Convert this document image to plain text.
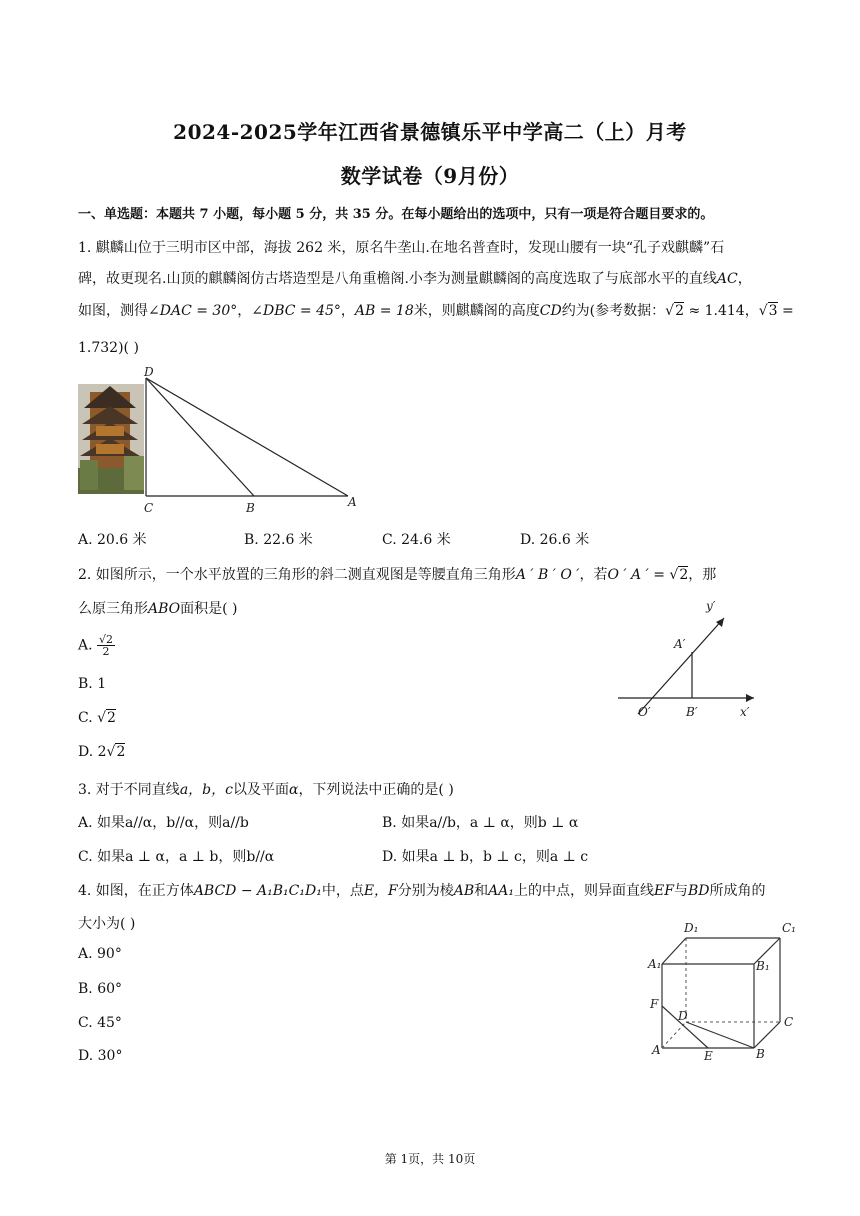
2024-2025学年江西省景德镇乐平中学高二（上）月考
数学试卷（9月份）
一、单选题：本题共 7 小题，每小题 5 分，共 35 分。在每小题给出的选项中，只有一项是符合题目要求的。
1. 麒麟山位于三明市区中部，海拔 262 米，原名牛垄山.在地名普查时，发现山腰有一块“孔子戏麒麟”石
碑，故更现名.山顶的麒麟阁仿古塔造型是八角重檐阁.小李为测量麒麟阁的高度选取了与底部水平的直线AC，
如图，测得∠DAC = 30°，∠DBC = 45°，AB = 18米，则麒麟阁的高度CD约为(参考数据：√2 ≈ 1.414，√3 =
1.732)( )
D
C	B	A
A. 20.6 米	B. 22.6 米	C. 24.6 米	D. 26.6 米
2. 如图所示，一个水平放置的三角形的斜二测直观图是等腰直角三角形A ′ B ′ O ′，若O ′ A ′ = √2，那
么原三角形ABO面积是( )
A. $\frac{√2}{2}$
B. 1
C. √2
D. 2√2
y′
A′
O′	B′	x′
3. 对于不同直线a，b，c以及平面α，下列说法中正确的是( )
A. 如果a//α，b//α，则a//b	B. 如果a//b，a ⊥ α，则b ⊥ α
C. 如果a ⊥ α，a ⊥ b，则b//α	D. 如果a ⊥ b，b ⊥ c，则a ⊥ c
4. 如图，在正方体ABCD − A₁B₁C₁D₁中，点E，F分别为棱AB和AA₁上的中点，则异面直线EF与BD所成角的
大小为( )
A. 90°
B. 60°
C. 45°
D. 30°
D₁	C₁
A₁	B₁
F
D	C
A	E	B
第 1页，共 10页
